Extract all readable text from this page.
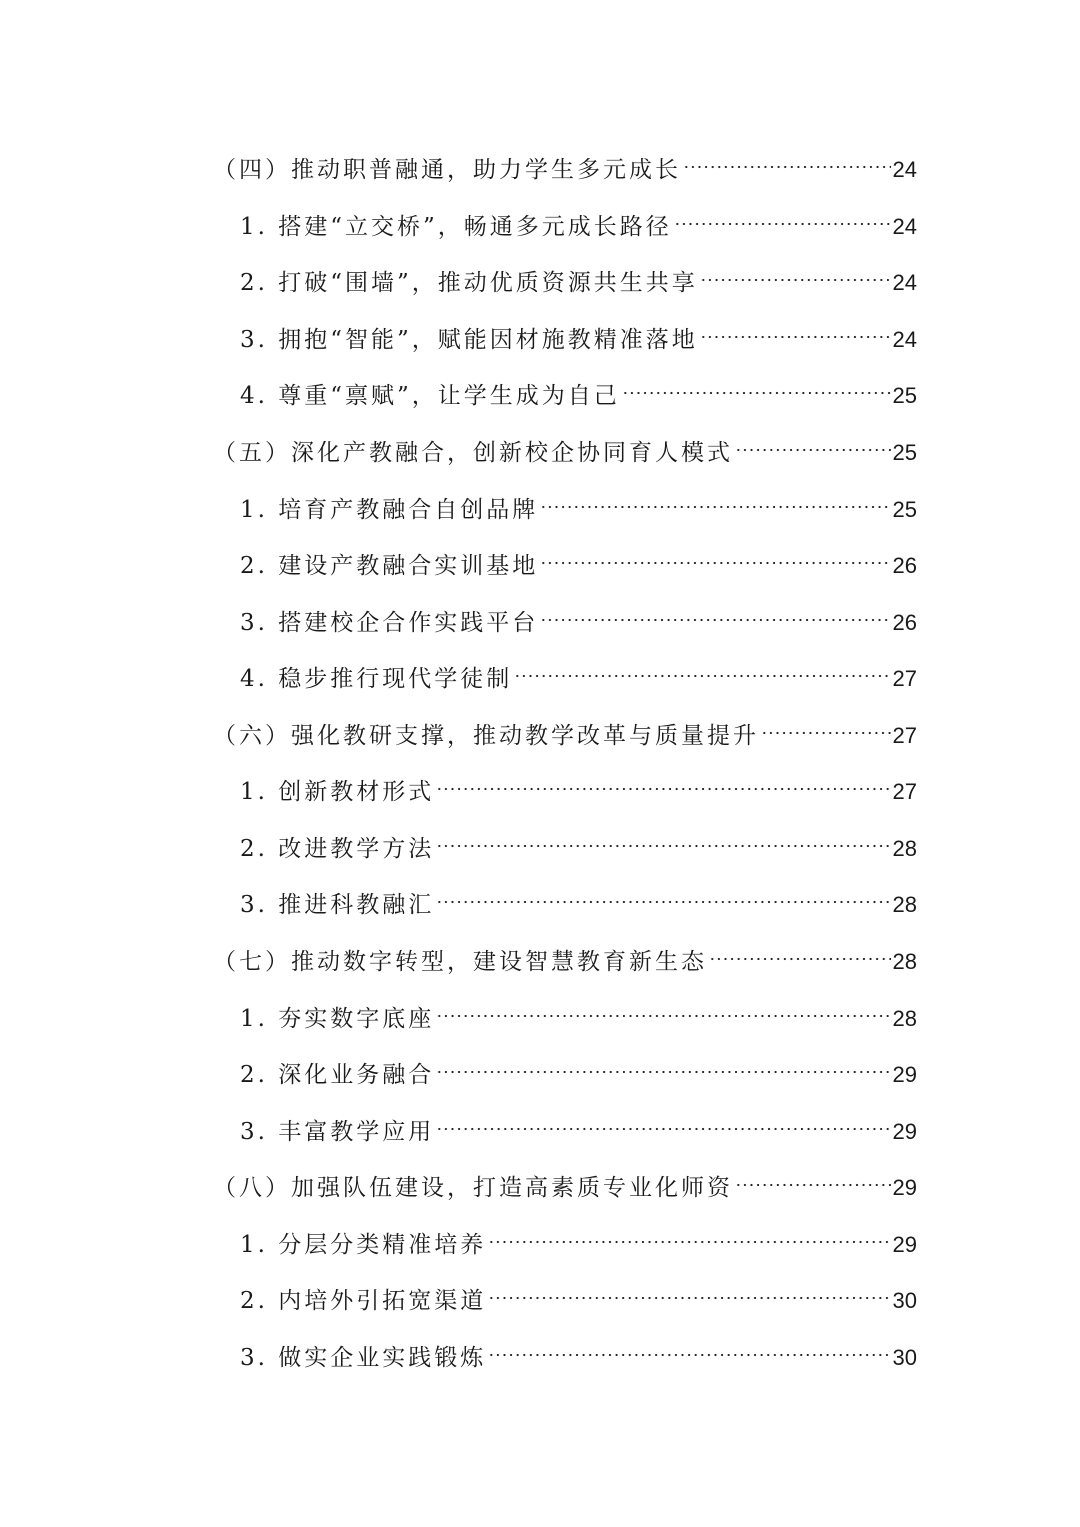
（四）推动职普融通，助力学生多元成长	24
1. 搭建“立交桥”，畅通多元成长路径	24
2. 打破“围墙”，推动优质资源共生共享	24
3. 拥抱“智能”，赋能因材施教精准落地	24
4. 尊重“禀赋”，让学生成为自己	25
（五）深化产教融合，创新校企协同育人模式	25
1. 培育产教融合自创品牌	25
2. 建设产教融合实训基地	26
3. 搭建校企合作实践平台	26
4. 稳步推行现代学徒制	27
（六）强化教研支撑，推动教学改革与质量提升	27
1. 创新教材形式	27
2. 改进教学方法	28
3. 推进科教融汇	28
（七）推动数字转型，建设智慧教育新生态	28
1. 夯实数字底座	28
2. 深化业务融合	29
3. 丰富教学应用	29
（八）加强队伍建设，打造高素质专业化师资	29
1. 分层分类精准培养	29
2. 内培外引拓宽渠道	30
3. 做实企业实践锻炼	30
